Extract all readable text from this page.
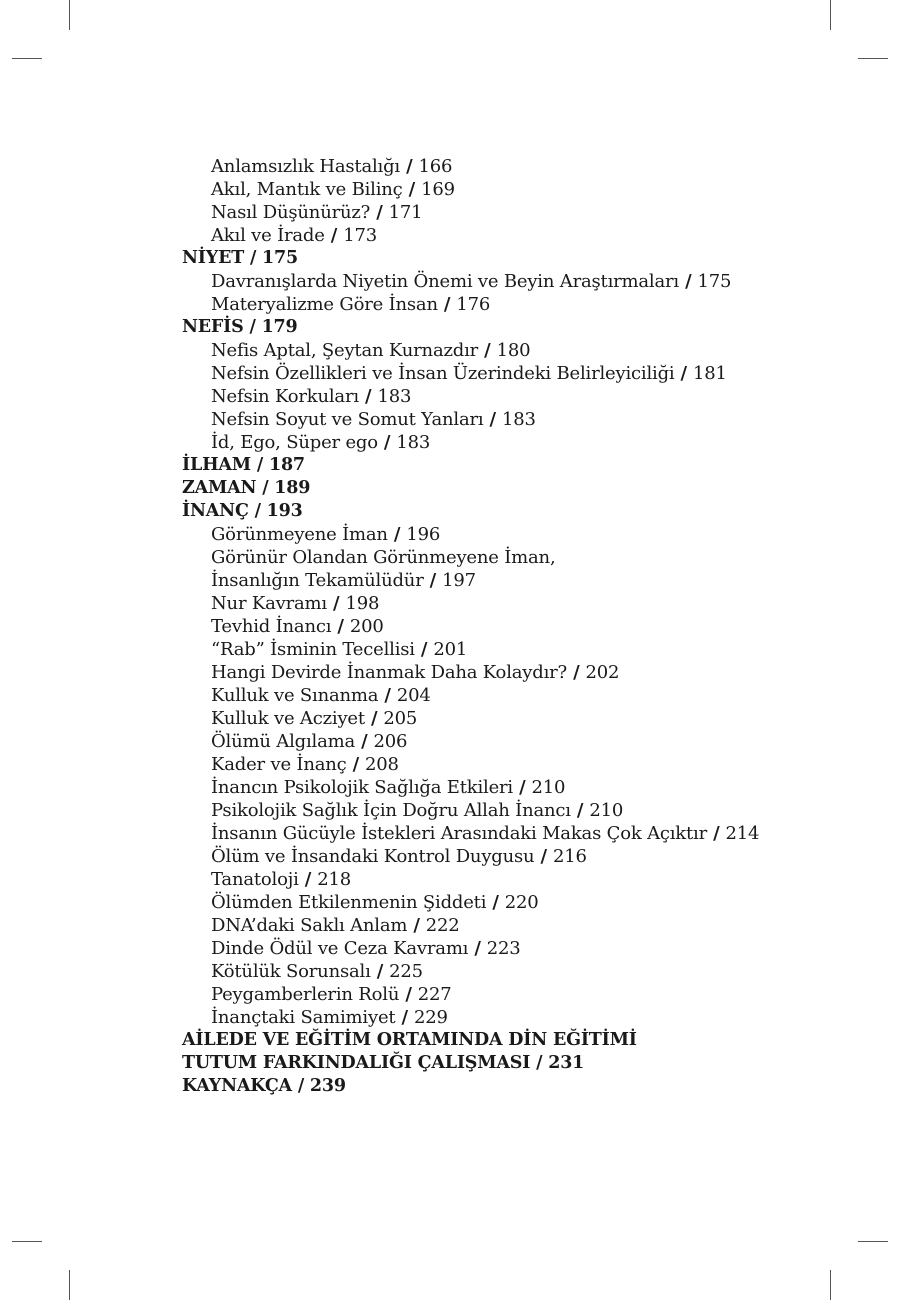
Anlamsızlık Hastalığı / 166
Akıl, Mantık ve Bilinç / 169
Nasıl Düşünürüz? / 171
Akıl ve İrade / 173
NİYET / 175
Davranışlarda Niyetin Önemi ve Beyin Araştırmaları / 175
Materyalizme Göre İnsan / 176
NEFİS / 179
Nefis Aptal, Şeytan Kurnazdır / 180
Nefsin Özellikleri ve İnsan Üzerindeki Belirleyiciliği / 181
Nefsin Korkuları / 183
Nefsin Soyut ve Somut Yanları / 183
İd, Ego, Süper ego / 183
İLHAM / 187
ZAMAN / 189
İNANÇ / 193
Görünmeyene İman / 196
Görünür Olandan Görünmeyene İman,
İnsanlığın Tekamülüdür / 197
Nur Kavramı / 198
Tevhid İnancı / 200
“Rab” İsminin Tecellisi / 201
Hangi Devirde İnanmak Daha Kolaydır? / 202
Kulluk ve Sınanma / 204
Kulluk ve Acziyet / 205
Ölümü Algılama / 206
Kader ve İnanç / 208
İnancın Psikolojik Sağlığa Etkileri / 210
Psikolojik Sağlık İçin Doğru Allah İnancı / 210
İnsanın Gücüyle İstekleri Arasındaki Makas Çok Açıktır / 214
Ölüm ve İnsandaki Kontrol Duygusu / 216
Tanatoloji / 218
Ölümden Etkilenmenin Şiddeti / 220
DNA’daki Saklı Anlam / 222
Dinde Ödül ve Ceza Kavramı / 223
Kötülük Sorunsalı / 225
Peygamberlerin Rolü / 227
İnançtaki Samimiyet / 229
AİLEDE VE EĞİTİM ORTAMINDA DİN EĞİTİMİ
TUTUM FARKINDALIĞI ÇALIŞMASI / 231
KAYNAKÇA / 239
